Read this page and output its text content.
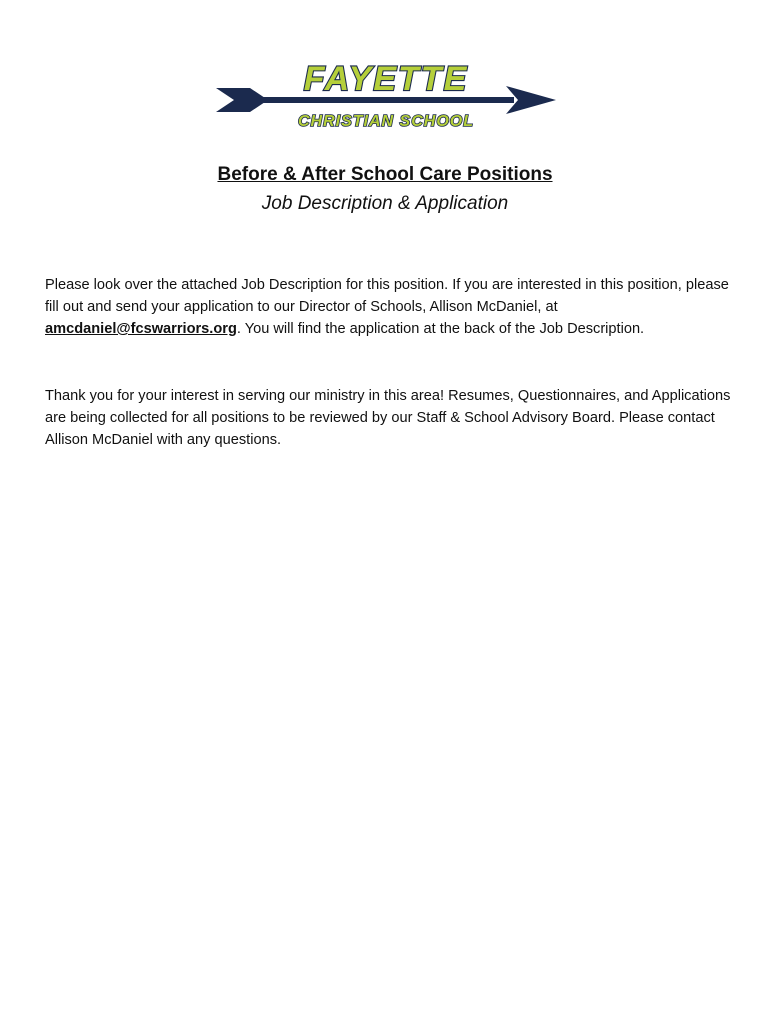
FAYETTE
CHRISTIAN SCHOOL
Before & After School Care Positions
Job Description & Application

Please look over the attached Job Description for this position. If you are interested in this position, please fill out and send your application to our Director of Schools, Allison McDaniel, at amcdaniel@fcswarriors.org. You will find the application at the back of the Job Description.

Thank you for your interest in serving our ministry in this area! Resumes, Questionnaires, and Applications are being collected for all positions to be reviewed by our Staff & School Advisory Board. Please contact Allison McDaniel with any questions.
